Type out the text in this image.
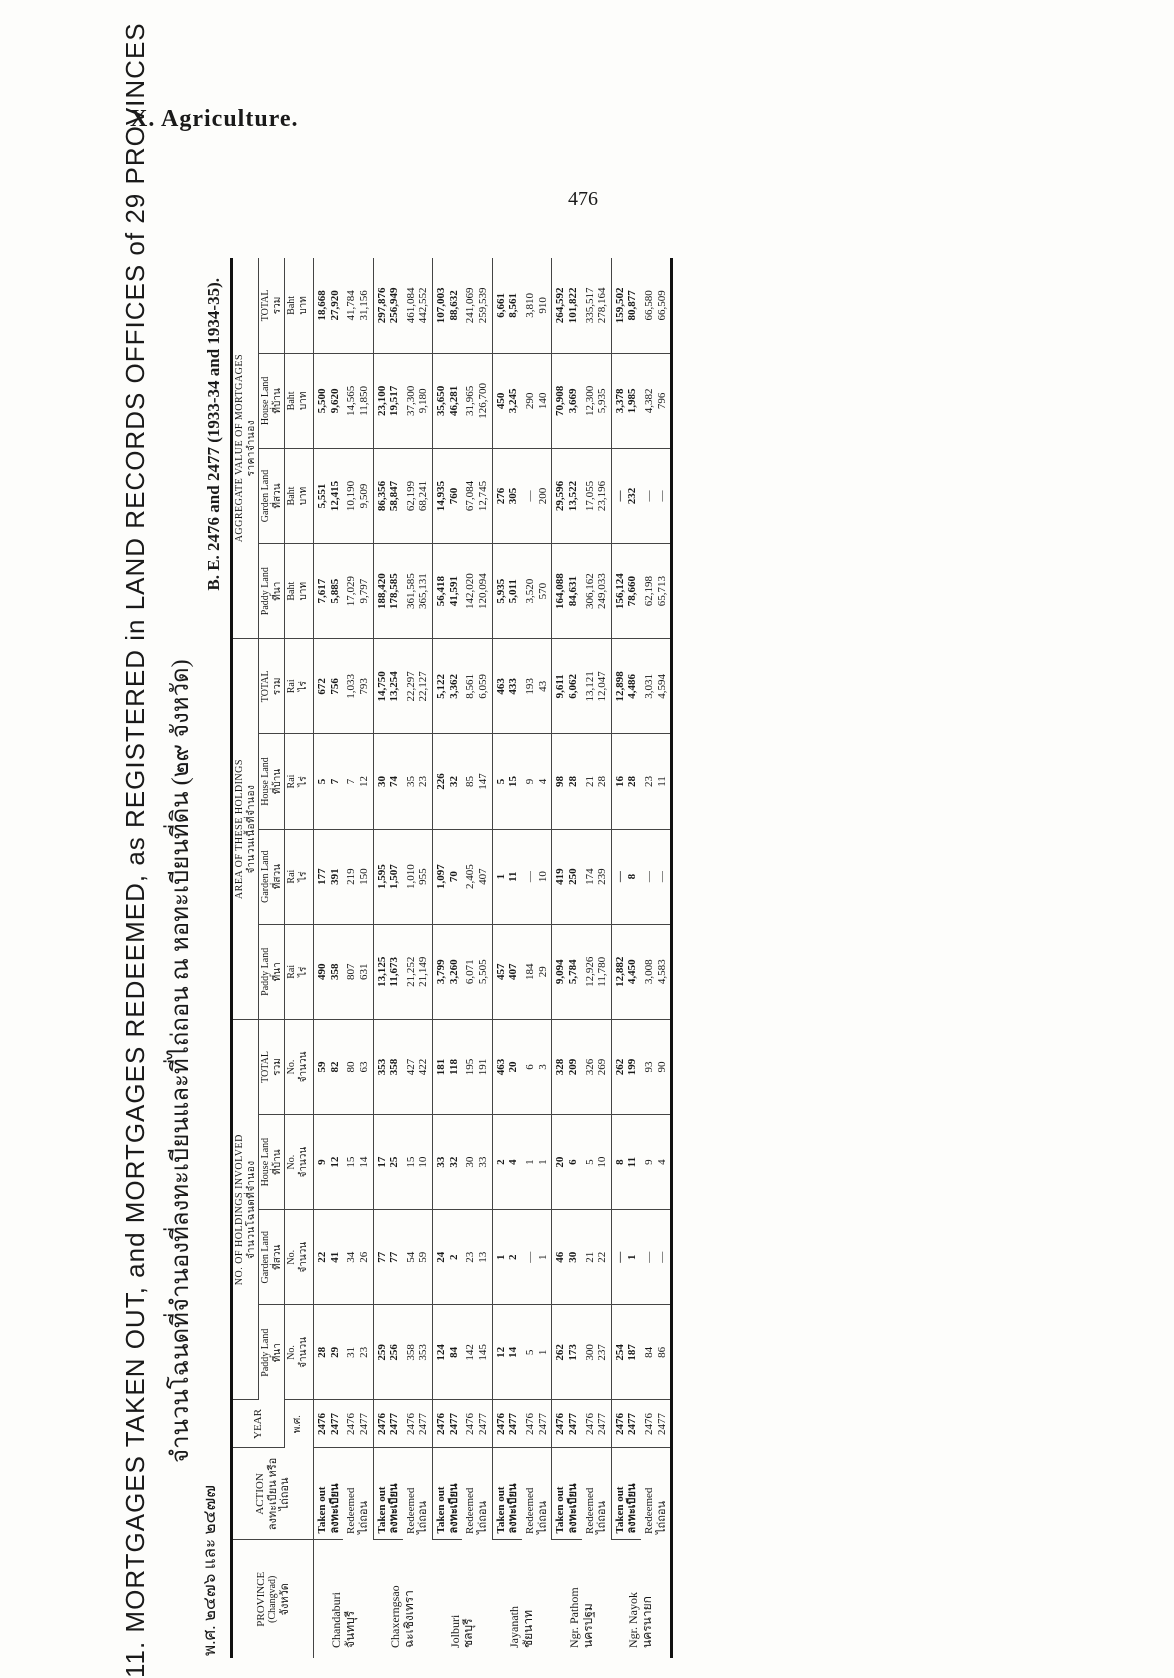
X. Agriculture.
476
11. MORTGAGES TAKEN OUT, and MORTGAGES REDEEMED, as REGISTERED in LAND RECORDS OFFICES of 29 PROVINCES จำนวนโฉนดที่จำนองที่ลงทะเบียนและที่ไถ่ถอน ณ หอทะเบียนที่ดิน (๒๙ จังหวัด)
พ.ศ. ๒๔๗๖ และ ๒๔๗๗
B. E. 2476 and 2477 (1933-34 and 1934-35).
PROVINCE (Changvad) จังหวัด	ACTION ลงทะเบียน หรือ ไถ่ถอน	YEAR	NO. OF HOLDINGS INVOLVED จำนวนโฉนดที่จำนอง				AREA OF THESE HOLDINGS จำนวนเนื้อที่จำนอง				AGGREGATE VALUE OF MORTGAGES ราคาจำนอง			

			Paddy Land ที่นา	Garden Land ที่สวน	House Land ที่บ้าน	TOTAL รวม	Paddy Land ที่นา	Garden Land ที่สวน	House Land ที่บ้าน	TOTAL รวม	Paddy Land ที่นา	Garden Land ที่สวน	House Land ที่บ้าน	TOTAL รวม

		พ.ศ.	No. จำนวน	No. จำนวน	No. จำนวน	No. จำนวน	Rai ไร่	Rai ไร่	Rai ไร่	Rai ไร่	Baht บาท	Baht บาท	Baht บาท	Baht บาท

Chandaburi จันทบุรี	Taken out ลงทะเบียน	2476 2477	28 29	22 41	9 12	59 82	490 358	177 391	5 7	672 756	7,617 5,885	5,551 12,415	5,500 9,620	18,668 27,920

	Redeemed ไถ่ถอน	2476 2477	31 23	34 26	15 14	80 63	807 631	219 150	7 12	1,033 793	17,029 9,797	10,190 9,509	14,565 11,850	41,784 31,156

Chaxerngsao ฉะเชิงเทรา	Taken out ลงทะเบียน	2476 2477	259 256	77 77	17 25	353 358	13,125 11,673	1,595 1,507	30 74	14,750 13,254	188,420 178,585	86,356 58,847	23,100 19,517	297,876 256,949

	Redeemed ไถ่ถอน	2476 2477	358 353	54 59	15 10	427 422	21,252 21,149	1,010 955	35 23	22,297 22,127	361,585 365,131	62,199 68,241	37,300 9,180	461,084 442,552

Jolburi ชลบุรี	Taken out ลงทะเบียน	2476 2477	124 84	24 2	33 32	181 118	3,799 3,260	1,097 70	226 32	5,122 3,362	56,418 41,591	14,935 760	35,650 46,281	107,003 88,632

	Redeemed ไถ่ถอน	2476 2477	142 145	23 13	30 33	195 191	6,071 5,505	2,405 407	85 147	8,561 6,059	142,020 120,094	67,084 12,745	31,965 126,700	241,069 259,539

Jayanath ชัยนาท	Taken out ลงทะเบียน	2476 2477	12 14	1 2	2 4	463 20	457 407	1 11	5 15	463 433	5,935 5,011	276 305	450 3,245	6,661 8,561

	Redeemed ไถ่ถอน	2476 2477	5 1	— 1	1 1	6 3	184 29	— 10	9 4	193 43	3,520 570	— 200	290 140	3,810 910

Ngr. Pathom นครปฐม	Taken out ลงทะเบียน	2476 2477	262 173	46 30	20 6	328 209	9,094 5,784	419 250	98 28	9,611 6,062	164,088 84,631	29,596 13,522	70,908 3,669	264,592 101,822

	Redeemed ไถ่ถอน	2476 2477	300 237	21 22	5 10	326 269	12,926 11,780	174 239	21 28	13,121 12,047	306,162 249,033	17,055 23,196	12,300 5,935	335,517 278,164

Ngr. Nayok นครนายก	Taken out ลงทะเบียน	2476 2477	254 187	— 1	8 11	262 199	12,882 4,450	— 8	16 28	12,898 4,486	156,124 78,660	— 232	3,378 1,985	159,502 80,877

	Redeemed ไถ่ถอน	2476 2477	84 86	— —	9 4	93 90	3,008 4,583	— —	23 11	3,031 4,594	62,198 65,713	— —	4,382 796	66,580 66,509
